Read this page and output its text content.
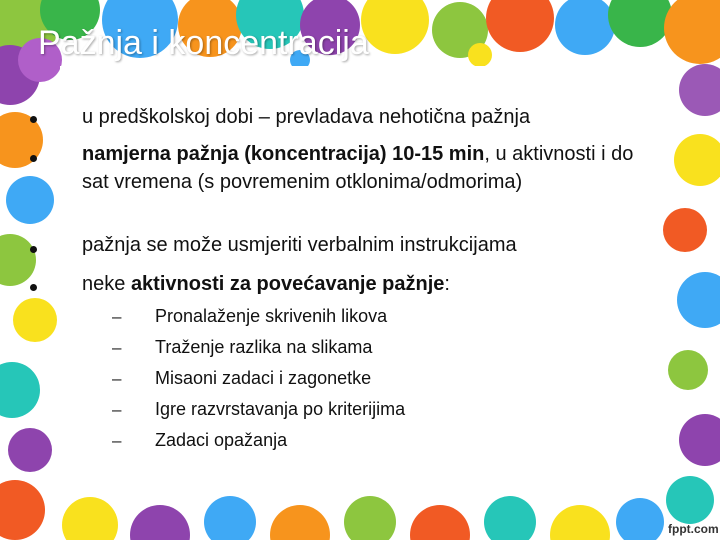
Pažnja i koncentracija

u predškolskoj dobi – prevladava nehotična pažnja

namjerna pažnja (koncentracija) 10-15 min, u aktivnosti i do sat vremena (s povremenim otklonima/odmorima)

pažnja se može usmjeriti verbalnim instrukcijama

neke aktivnosti za povećavanje pažnje:

– Pronalaženje skrivenih likova
– Traženje razlika na slikama
– Misaoni zadaci i zagonetke
– Igre razvrstavanja po kriterijima
– Zadaci opažanja
fppt.com
